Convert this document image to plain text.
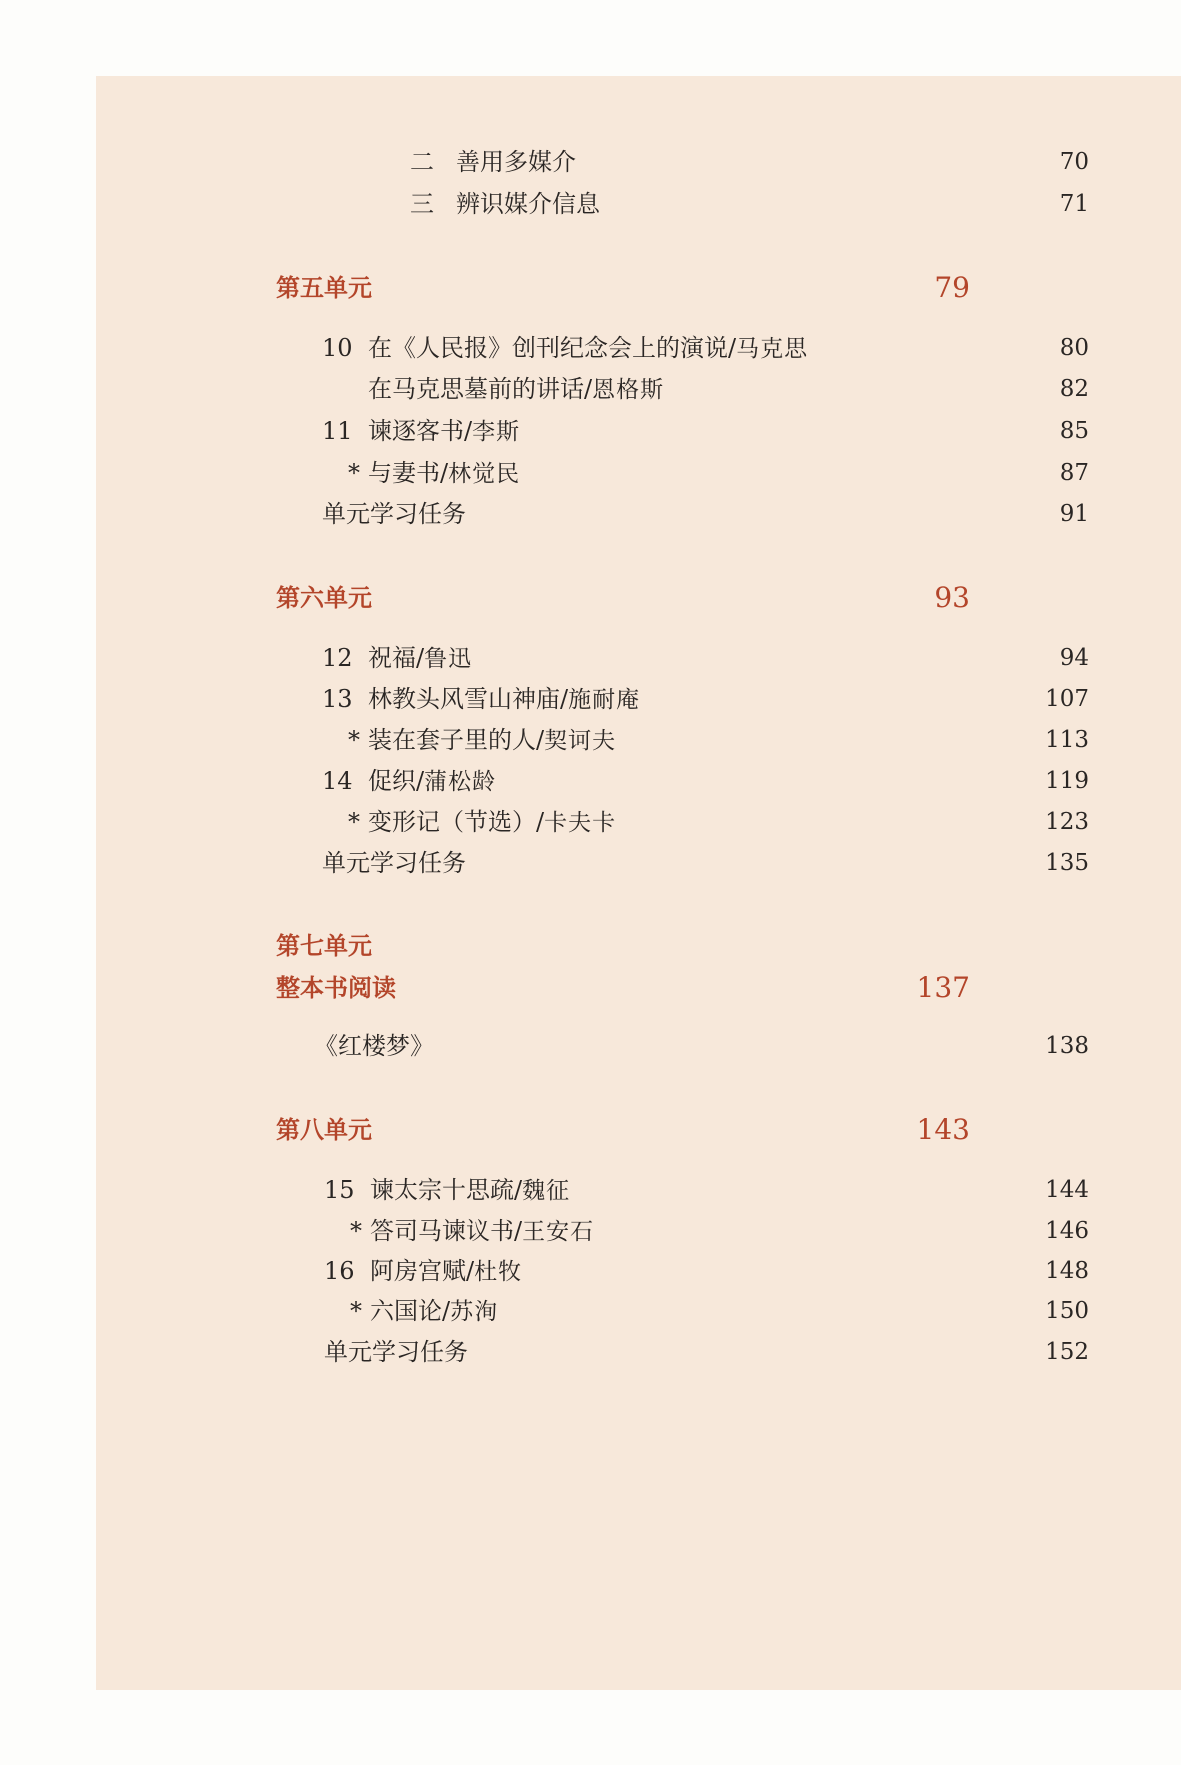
二 善用多媒介	70
三 辨识媒介信息	71
第五单元	79
10 在《人民报》创刊纪念会上的演说/马克思	80
在马克思墓前的讲话/恩格斯	82
11 谏逐客书/李斯	85
* 与妻书/林觉民	87
单元学习任务	91
第六单元	93
12 祝福/鲁迅	94
13 林教头风雪山神庙/施耐庵	107
* 装在套子里的人/契诃夫	113
14 促织/蒲松龄	119
* 变形记（节选）/卡夫卡	123
单元学习任务	135
第七单元
整本书阅读	137
《红楼梦》	138
第八单元	143
15 谏太宗十思疏/魏征	144
* 答司马谏议书/王安石	146
16 阿房宫赋/杜牧	148
* 六国论/苏洵	150
单元学习任务	152
